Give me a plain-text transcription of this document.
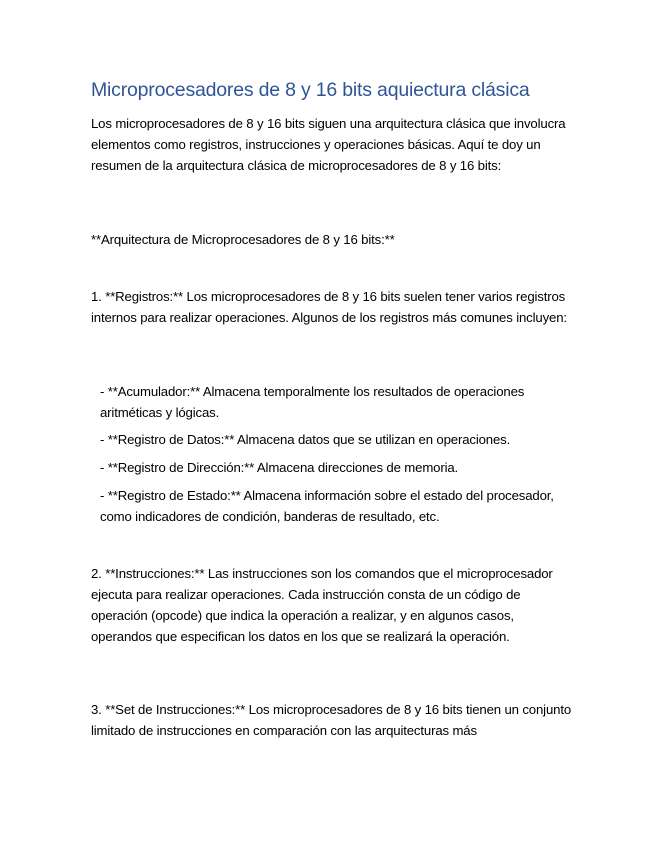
Microprocesadores de 8 y 16 bits aquiectura clásica
Los microprocesadores de 8 y 16 bits siguen una arquitectura clásica que involucra elementos como registros, instrucciones y operaciones básicas. Aquí te doy un resumen de la arquitectura clásica de microprocesadores de 8 y 16 bits:
**Arquitectura de Microprocesadores de 8 y 16 bits:**
1. **Registros:** Los microprocesadores de 8 y 16 bits suelen tener varios registros internos para realizar operaciones. Algunos de los registros más comunes incluyen:
- **Acumulador:** Almacena temporalmente los resultados de operaciones aritméticas y lógicas.
- **Registro de Datos:** Almacena datos que se utilizan en operaciones.
- **Registro de Dirección:** Almacena direcciones de memoria.
- **Registro de Estado:** Almacena información sobre el estado del procesador, como indicadores de condición, banderas de resultado, etc.
2. **Instrucciones:** Las instrucciones son los comandos que el microprocesador ejecuta para realizar operaciones. Cada instrucción consta de un código de operación (opcode) que indica la operación a realizar, y en algunos casos, operandos que especifican los datos en los que se realizará la operación.
3. **Set de Instrucciones:** Los microprocesadores de 8 y 16 bits tienen un conjunto limitado de instrucciones en comparación con las arquitecturas más
